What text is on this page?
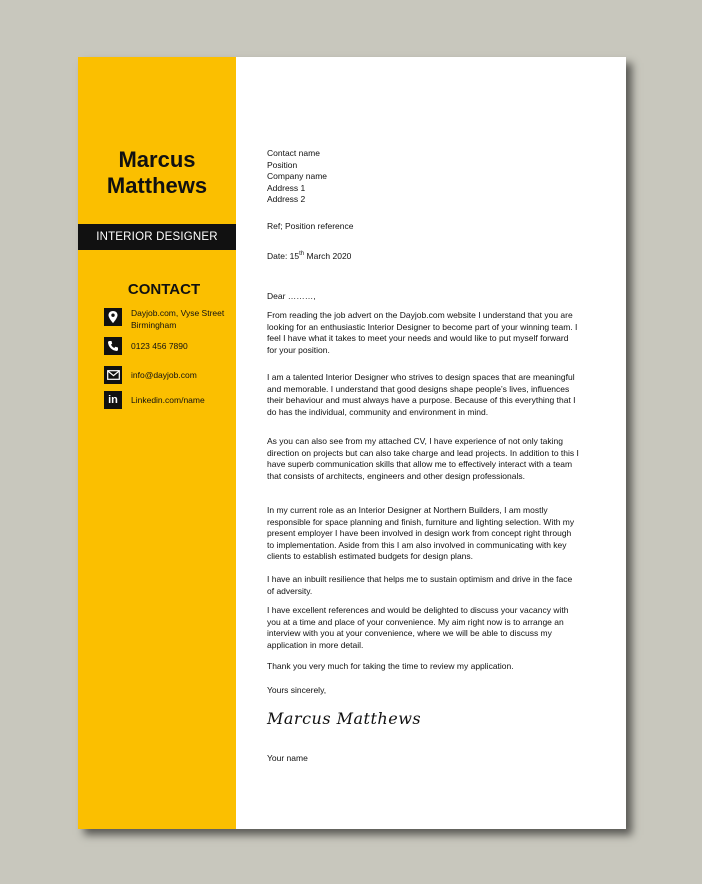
Marcus
Matthews
INTERIOR DESIGNER
CONTACT
Dayjob.com, Vyse Street Birmingham
0123 456 7890
info@dayjob.com
in	Linkedin.com/name
Contact name
Position
Company name
Address 1
Address 2
Ref; Position reference
Date: 15th March 2020
Dear ………,

From reading the job advert on the Dayjob.com website I understand that you are looking for an enthusiastic Interior Designer to become part of your winning team. I feel I have what it takes to meet your needs and would like to put myself forward for your position.

I am a talented Interior Designer who strives to design spaces that are meaningful and memorable. I understand that good designs shape people’s lives, influences their behaviour and must always have a purpose. Because of this everything that I do has the individual, community and environment in mind.

As you can also see from my attached CV, I have experience of not only taking direction on projects but can also take charge and lead projects. In addition to this I have superb communication skills that allow me to effectively interact with a team that consists of architects, engineers and other design professionals.

In my current role as an Interior Designer at Northern Builders, I am mostly responsible for space planning and finish, furniture and lighting selection. With my present employer I have been involved in design work from concept right through to implementation. Aside from this I am also involved in communicating with key clients to establish estimated budgets for design plans.

I have an inbuilt resilience that helps me to sustain optimism and drive in the face of adversity.

I have excellent references and would be delighted to discuss your vacancy with you at a time and place of your convenience. My aim right now is to arrange an interview with you at your convenience, where we will be able to discuss my application in more detail.

Thank you very much for taking the time to review my application.

Yours sincerely,
Marcus Matthews
Your name
